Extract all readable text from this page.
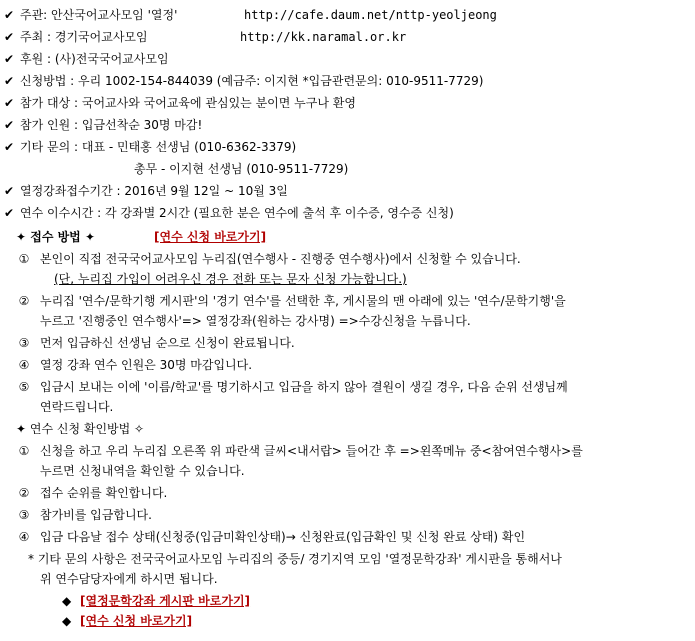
✔ 주관: 안산국어교사모임 '열정'	http://cafe.daum.net/nttp-yeoljeong
✔ 주최 : 경기국어교사모임	http://kk.naramal.or.kr
✔ 후원 : (사)전국국어교사모임
✔ 신청방법 : 우리 1002-154-844039 (예금주: 이지현 *입금관련문의: 010-9511-7729)
✔ 참가 대상 : 국어교사와 국어교육에 관심있는 분이면 누구나 환영
✔ 참가 인원 : 입금선착순 30명 마감!
✔ 기타 문의 : 대표 - 민태홍 선생님 (010-6362-3379)
총무 - 이지현 선생님 (010-9511-7729)
✔ 열정강좌접수기간 : 2016년 9월 12일 ~ 10월 3일
✔ 연수 이수시간 : 각 강좌별 2시간 (필요한 분은 연수에 출석 후 이수증, 영수증 신청)
✦ 접수 방법 ✦	[연수 신청 바로가기]
① 본인이 직접 전국국어교사모임 누리집(연수행사 - 진행중 연수행사)에서 신청할 수 있습니다.
(단, 누리집 가입이 어려우신 경우 전화 또는 문자 신청 가능합니다.)
② 누리집 '연수/문학기행 게시판'의 '경기 연수'를 선택한 후, 게시물의 맨 아래에 있는 '연수/문학기행'을
누르고 '진행중인 연수행사'=> 열정강좌(원하는 강사명) =>수강신청을 누릅니다.
③ 먼저 입금하신 선생님 순으로 신청이 완료됩니다.
④ 열정 강좌 연수 인원은 30명 마감입니다.
⑤ 입금시 보내는 이에 '이름/학교'를 명기하시고 입금을 하지 않아 결원이 생길 경우, 다음 순위 선생님께
연락드립니다.
✦ 연수 신청 확인방법 ✧
① 신청을 하고 우리 누리집 오른쪽 위 파란색 글씨<내서랍> 들어간 후 =>왼쪽메뉴 중<참여연수행사>를
누르면 신청내역을 확인할 수 있습니다.
② 접수 순위를 확인합니다.
③ 참가비를 입금합니다.
④ 입금 다음날 접수 상태(신청중(입금미확인상태)→ 신청완료(입금확인 및 신청 완료 상태) 확인
* 기타 문의 사항은 전국국어교사모임 누리집의 중등/ 경기지역 모임 '열정문학강좌' 게시판을 통해서나
위 연수담당자에게 하시면 됩니다.
◆ [열정문학강좌 게시판 바로가기]
◆ [연수 신청 바로가기]
